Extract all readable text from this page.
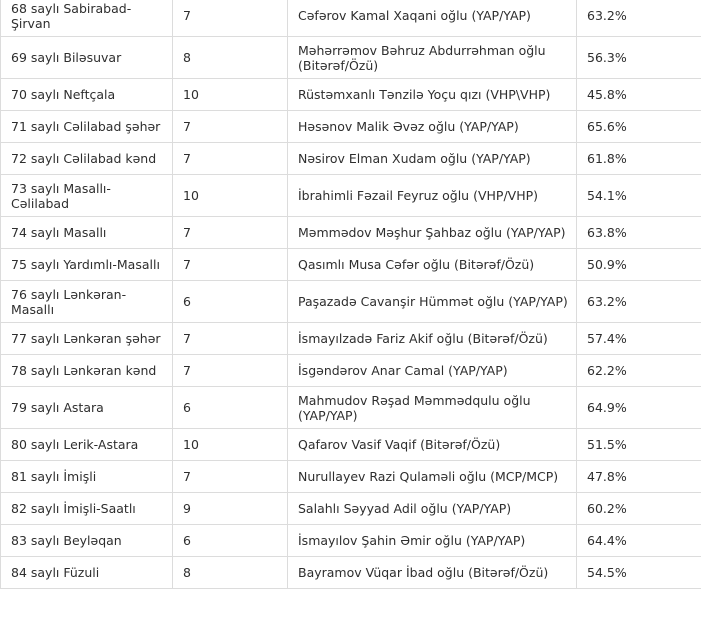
68 saylı Sabirabad-Şirvan	7	Cəfərov Kamal Xaqani oğlu (YAP/YAP)	63.2%
69 saylı Biləsuvar	8	Məhərrəmov Bəhruz Abdurrəhman oğlu (Bitərəf/Özü)	56.3%
70 saylı Neftçala	10	Rüstəmxanlı Tənzilə Yoçu qızı (VHP\VHP)	45.8%
71 saylı Cəlilabad şəhər	7	Həsənov Malik Əvəz oğlu (YAP/YAP)	65.6%
72 saylı Cəlilabad kənd	7	Nəsirov Elman Xudam oğlu (YAP/YAP)	61.8%
73 saylı Masallı-Cəlilabad	10	İbrahimli Fəzail Feyruz oğlu (VHP/VHP)	54.1%
74 saylı Masallı	7	Məmmədov Məşhur Şahbaz oğlu (YAP/YAP)	63.8%
75 saylı Yardımlı-Masallı	7	Qasımlı Musa Cəfər oğlu (Bitərəf/Özü)	50.9%
76 saylı Lənkəran-Masallı	6	Paşazadə Cavanşir Hümmət oğlu (YAP/YAP)	63.2%
77 saylı Lənkəran şəhər	7	İsmayılzadə Fariz Akif oğlu (Bitərəf/Özü)	57.4%
78 saylı Lənkəran kənd	7	İsgəndərov Anar Camal (YAP/YAP)	62.2%
79 saylı Astara	6	Mahmudov Rəşad Məmmədqulu oğlu (YAP/YAP)	64.9%
80 saylı Lerik-Astara	10	Qafarov Vasif Vaqif (Bitərəf/Özü)	51.5%
81 saylı İmişli	7	Nurullayev Razi Qulaməli oğlu (MCP/MCP)	47.8%
82 saylı İmişli-Saatlı	9	Salahlı Səyyad Adil oğlu (YAP/YAP)	60.2%
83 saylı Beyləqan	6	İsmayılov Şahin Əmir oğlu (YAP/YAP)	64.4%
84 saylı Füzuli	8	Bayramov Vüqar İbad oğlu (Bitərəf/Özü)	54.5%
